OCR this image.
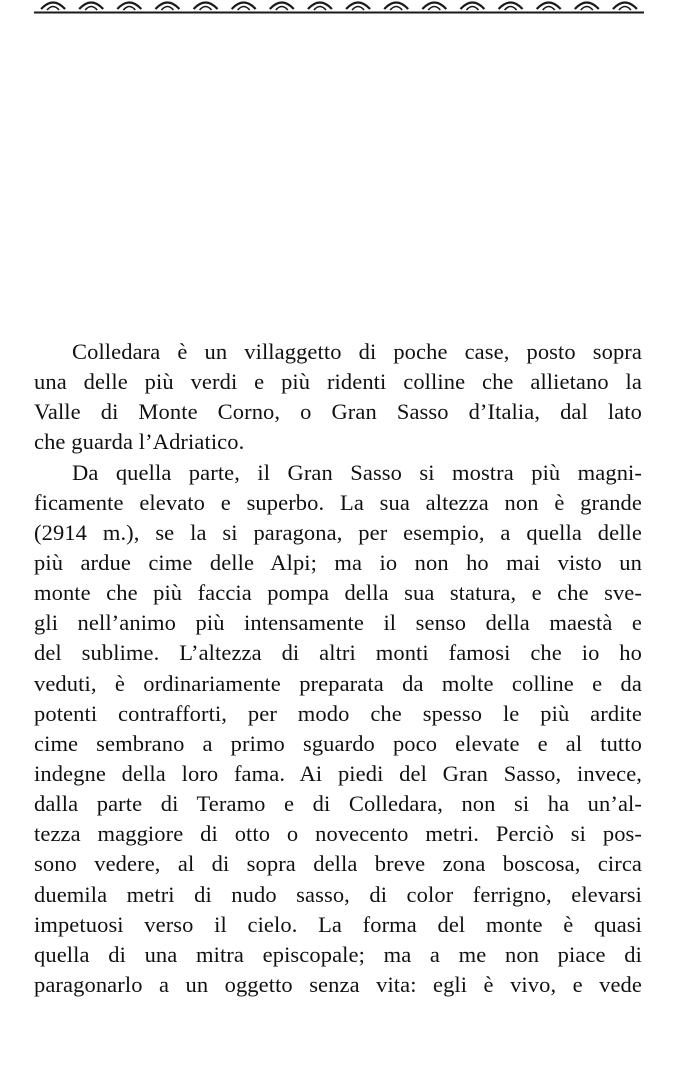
Colledara è un villaggetto di poche case, posto sopra
una delle più verdi e più ridenti colline che allietano la
Valle di Monte Corno, o Gran Sasso d’Italia, dal lato
che guarda l’Adriatico.
Da quella parte, il Gran Sasso si mostra più magni-
ficamente elevato e superbo. La sua altezza non è grande
(2914 m.), se la si paragona, per esempio, a quella delle
più ardue cime delle Alpi; ma io non ho mai visto un
monte che più faccia pompa della sua statura, e che sve-
gli nell’animo più intensamente il senso della maestà e
del sublime. L’altezza di altri monti famosi che io ho
veduti, è ordinariamente preparata da molte colline e da
potenti contrafforti, per modo che spesso le più ardite
cime sembrano a primo sguardo poco elevate e al tutto
indegne della loro fama. Ai piedi del Gran Sasso, invece,
dalla parte di Teramo e di Colledara, non si ha un’al-
tezza maggiore di otto o novecento metri. Perciò si pos-
sono vedere, al di sopra della breve zona boscosa, circa
duemila metri di nudo sasso, di color ferrigno, elevarsi
impetuosi verso il cielo. La forma del monte è quasi
quella di una mitra episcopale; ma a me non piace di
paragonarlo a un oggetto senza vita: egli è vivo, e vede
